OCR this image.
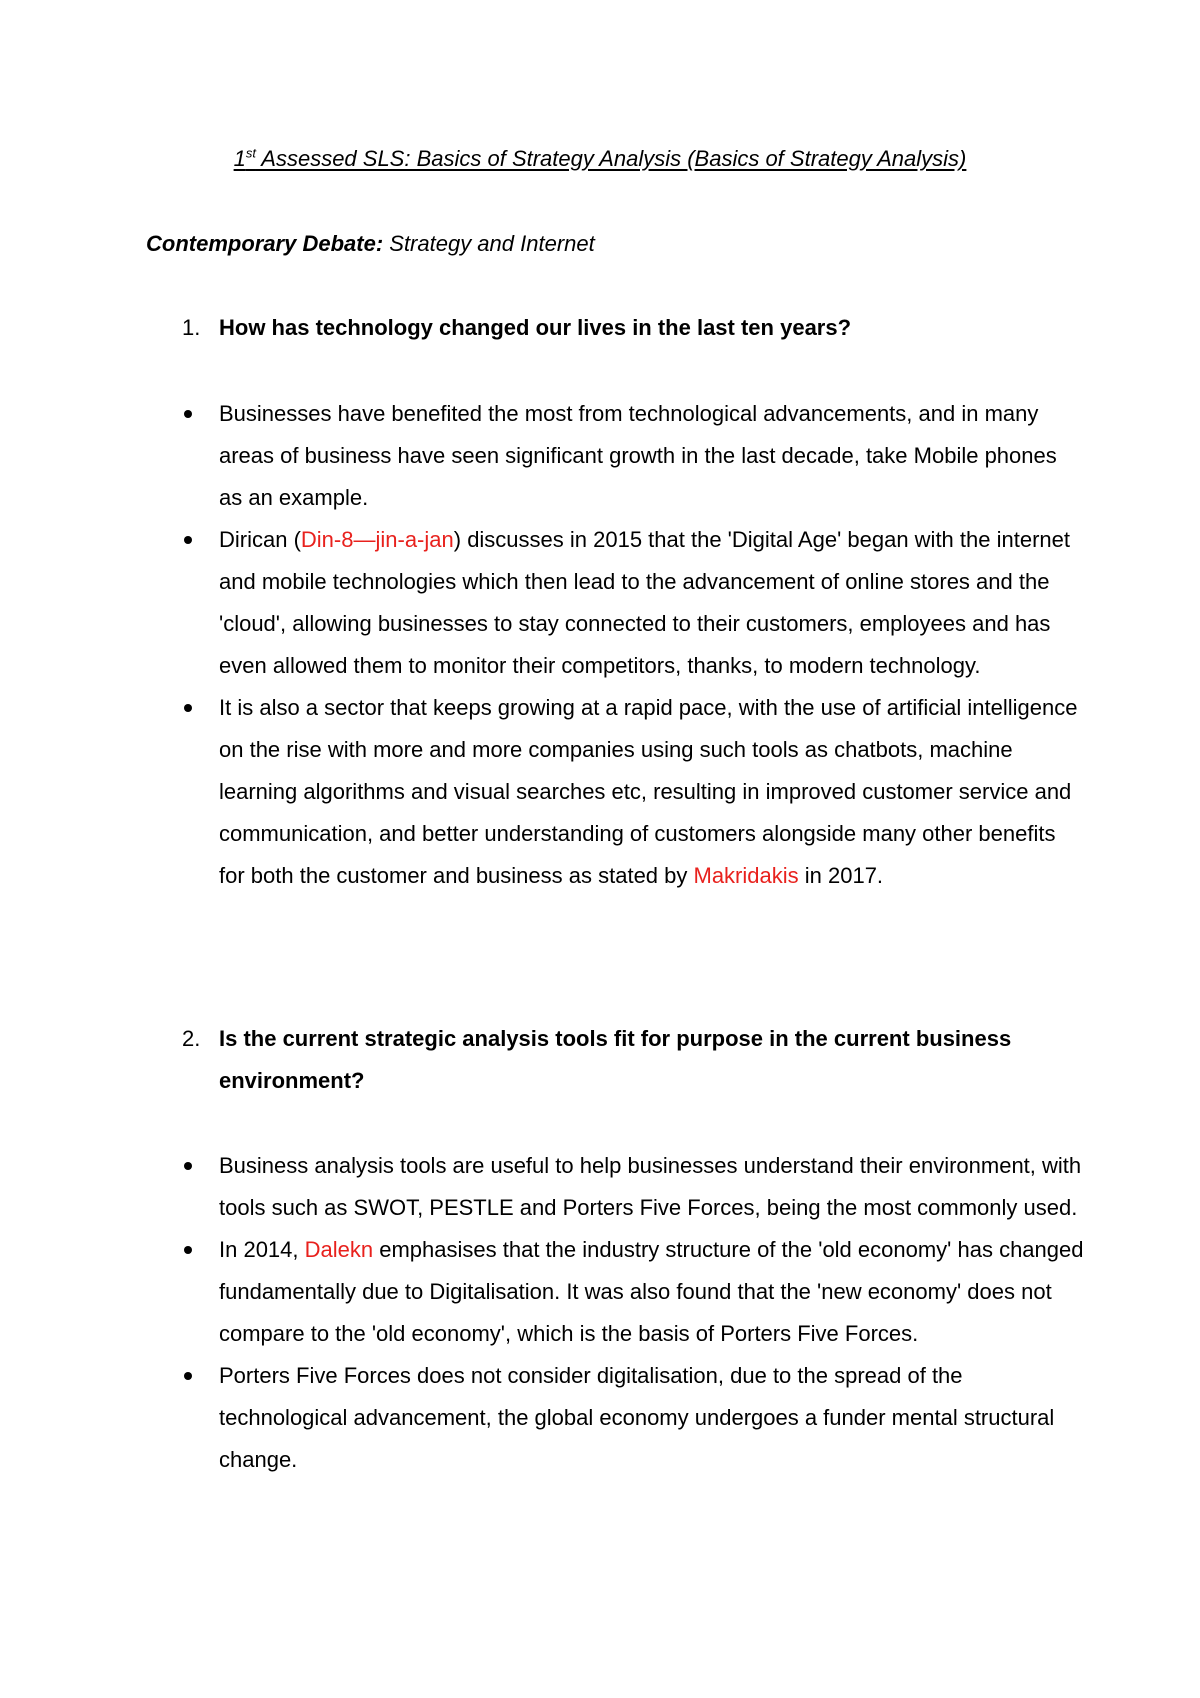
1st Assessed SLS: Basics of Strategy Analysis (Basics of Strategy Analysis)
Contemporary Debate: Strategy and Internet
1. How has technology changed our lives in the last ten years?
Businesses have benefited the most from technological advancements, and in many areas of business have seen significant growth in the last decade, take Mobile phones as an example.
Dirican (Din-8—jin-a-jan) discusses in 2015 that the 'Digital Age' began with the internet and mobile technologies which then lead to the advancement of online stores and the 'cloud', allowing businesses to stay connected to their customers, employees and has even allowed them to monitor their competitors, thanks, to modern technology.
It is also a sector that keeps growing at a rapid pace, with the use of artificial intelligence on the rise with more and more companies using such tools as chatbots, machine learning algorithms and visual searches etc, resulting in improved customer service and communication, and better understanding of customers alongside many other benefits for both the customer and business as stated by Makridakis in 2017.
2. Is the current strategic analysis tools fit for purpose in the current business environment?
Business analysis tools are useful to help businesses understand their environment, with tools such as SWOT, PESTLE and Porters Five Forces, being the most commonly used.
In 2014, Dalekn emphasises that the industry structure of the 'old economy' has changed fundamentally due to Digitalisation. It was also found that the 'new economy' does not compare to the 'old economy', which is the basis of Porters Five Forces.
Porters Five Forces does not consider digitalisation, due to the spread of the technological advancement, the global economy undergoes a funder mental structural change.
